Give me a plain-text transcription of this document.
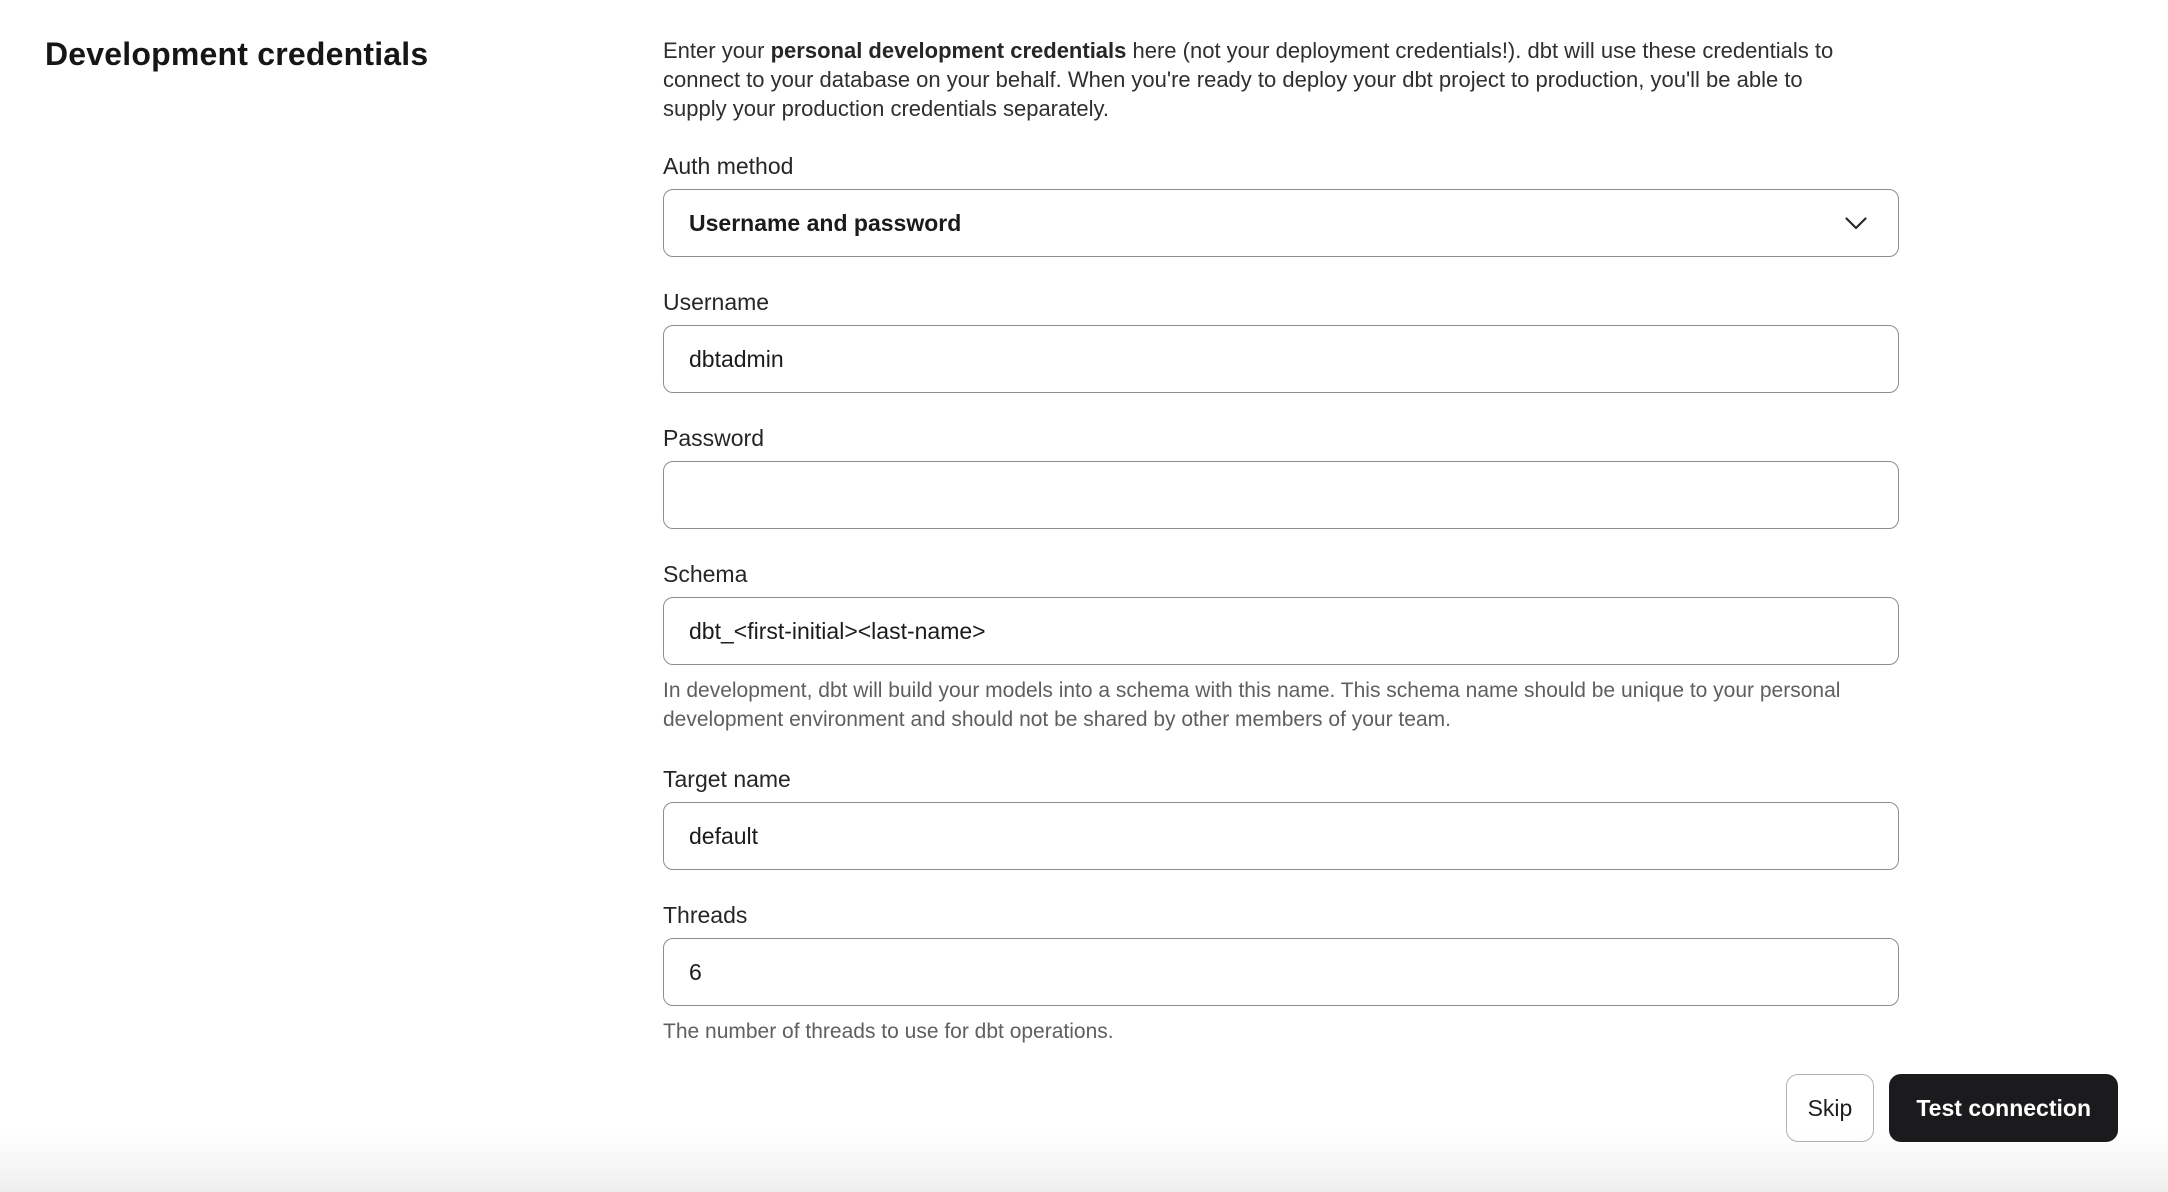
Development credentials	Enter your personal development credentials here (not your deployment credentials!). dbt will use these credentials to connect to your database on your behalf. When you're ready to deploy your dbt project to production, you'll be able to supply your production credentials separately.

Auth method
Username and password
Username
dbtadmin
Password
Schema
dbt_<first-initial><last-name>
In development, dbt will build your models into a schema with this name. This schema name should be unique to your personal development environment and should not be shared by other members of your team.
Target name
default
Threads
6
The number of threads to use for dbt operations.
Skip	Test connection
